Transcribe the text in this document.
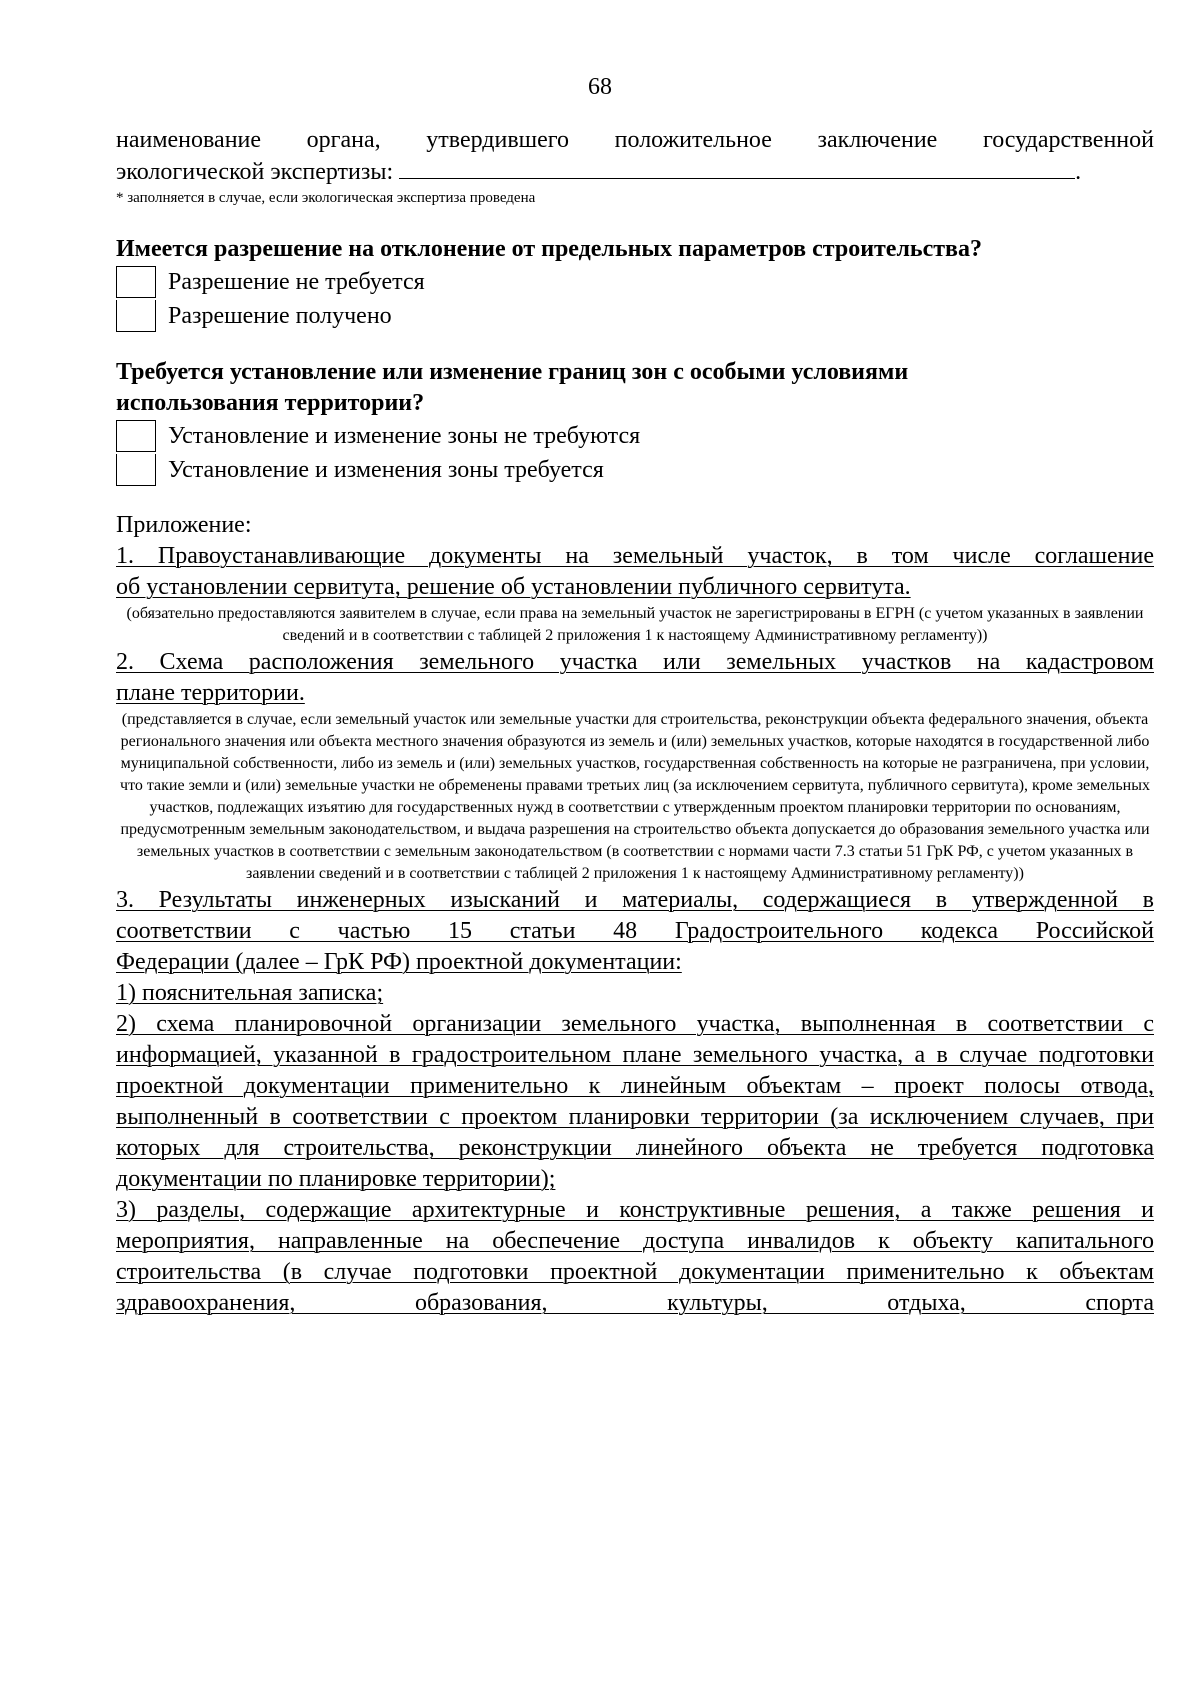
68

наименование органа, утвердившего положительное заключение государственной

экологической экспертизы:	.

* заполняется в случае, если экологическая экспертиза проведена

Имеется разрешение на отклонение от предельных параметров строительства?

Разрешение не требуется
Разрешение получено

Требуется установление или изменение границ зон с особыми условиями

использования территории?

Установление и изменение зоны не требуются
Установление и изменения зоны требуется

Приложение:

1. Правоустанавливающие документы на земельный участок, в том числе соглашение

об установлении сервитута, решение об установлении публичного сервитута.

(обязательно предоставляются заявителем в случае, если права на земельный участок не зарегистрированы в ЕГРН (с учетом указанных в заявлении сведений и в соответствии с таблицей 2 приложения 1 к настоящему Административному регламенту))

2. Схема расположения земельного участка или земельных участков на кадастровом

плане территории.

(представляется в случае, если земельный участок или земельные участки для строительства, реконструкции объекта федерального значения, объекта регионального значения или объекта местного значения образуются из земель и (или) земельных участков, которые находятся в государственной либо муниципальной собственности, либо из земель и (или) земельных участков, государственная собственность на которые не разграничена, при условии, что такие земли и (или) земельные участки не обременены правами третьих лиц (за исключением сервитута, публичного сервитута), кроме земельных участков, подлежащих изъятию для государственных нужд в соответствии с утвержденным проектом планировки территории по основаниям, предусмотренным земельным законодательством, и выдача разрешения на строительство объекта допускается до образования земельного участка или земельных участков в соответствии с земельным законодательством (в соответствии с нормами части 7.3 статьи 51 ГрК РФ, с учетом указанных в заявлении сведений и в соответствии с таблицей 2 приложения 1 к настоящему Административному регламенту))

3. Результаты инженерных изысканий и материалы, содержащиеся в утвержденной в

соответствии с частью 15 статьи 48 Градостроительного кодекса Российской

Федерации (далее – ГрК РФ) проектной документации:

1) пояснительная записка;

2) схема планировочной организации земельного участка, выполненная в соответствии с информацией, указанной в градостроительном плане земельного участка, а в случае подготовки проектной документации применительно к линейным объектам – проект полосы отвода, выполненный в соответствии с проектом планировки территории (за исключением случаев, при которых для строительства, реконструкции линейного объекта не требуется подготовка документации по планировке территории);

3) разделы, содержащие архитектурные и конструктивные решения, а также решения и мероприятия, направленные на обеспечение доступа инвалидов к объекту капитального строительства (в случае подготовки проектной документации применительно к объектам здравоохранения, образования, культуры, отдыха, спорта
